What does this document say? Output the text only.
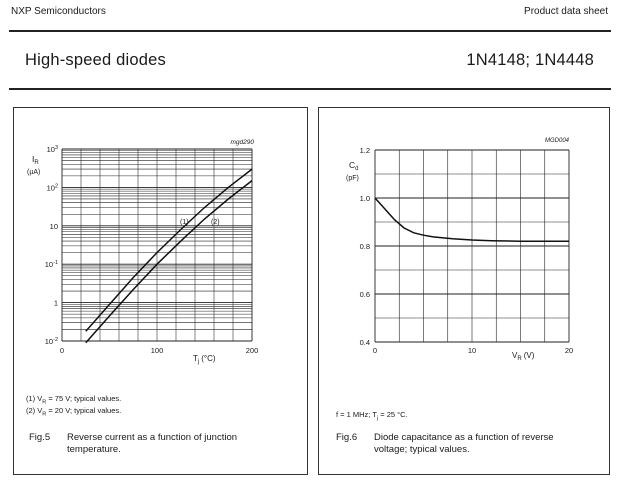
NXP Semiconductors	Product data sheet
High-speed diodes	1N4148; 1N4448
$10^{-2}$
1
$10^{-1}$
10
$10^2$
$10^3$
0	100	200
mgd290
$I_R$
(µA)
$T_j$ (°C)
(1)	(2)
(1) $V_R = 75$ V; typical values.
(2) $V_R = 20$ V; typical values.
Fig.5 Reverse current as a function of junction
temperature.
0.4
0.6
0.8
1.0
1.2
0	10	20
MGD004
$C_d$
(pF)
$V_R$ (V)
f = 1 MHz; $T_j = 25$ °C.
Fig.6 Diode capacitance as a function of reverse
voltage; typical values.
